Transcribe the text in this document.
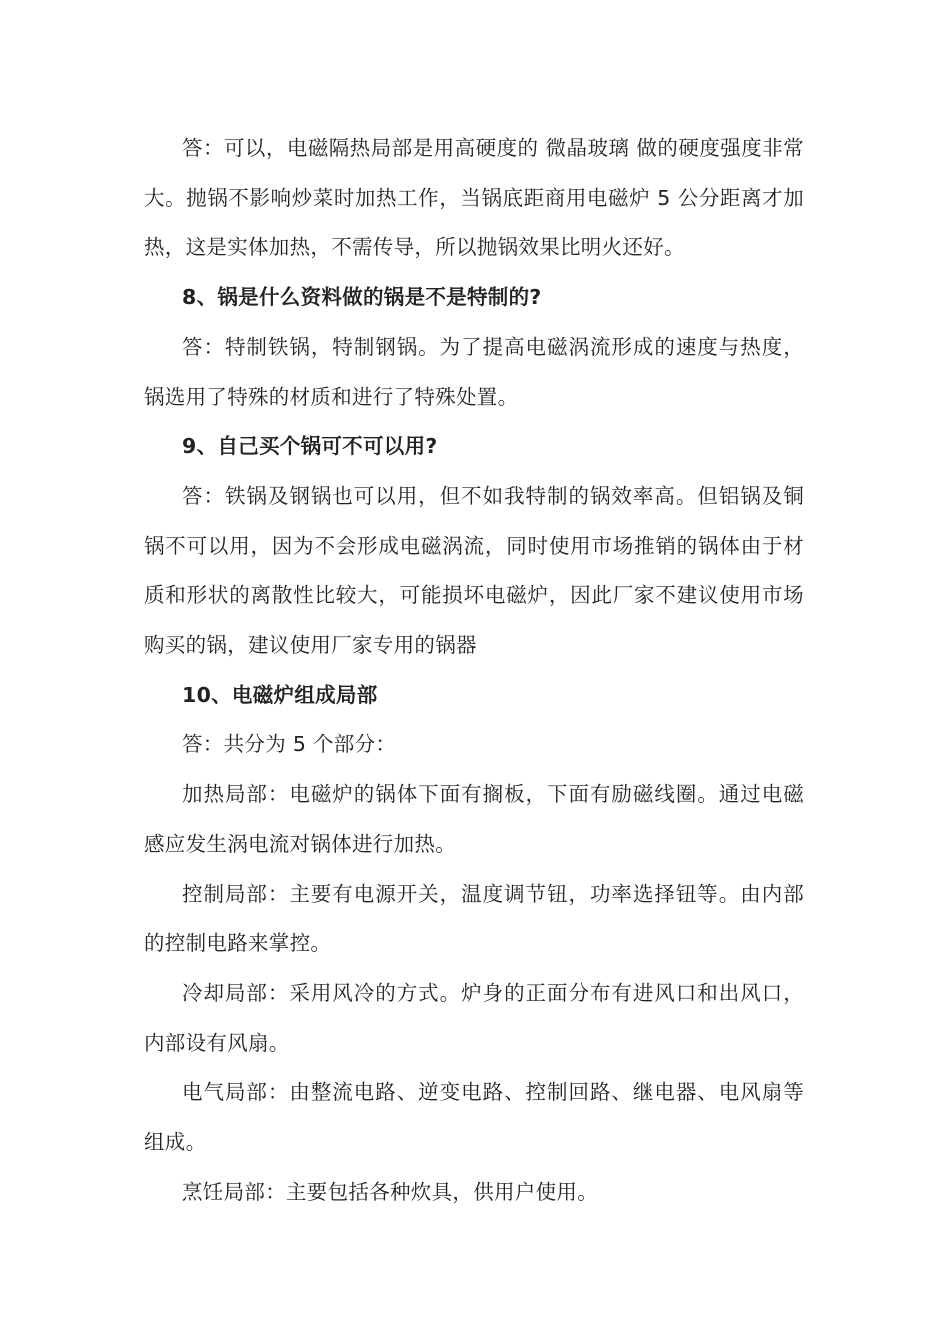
答：可以，电磁隔热局部是用高硬度的 微晶玻璃 做的硬度强度非常大。抛锅不影响炒菜时加热工作，当锅底距商用电磁炉 5 公分距离才加热，这是实体加热，不需传导，所以抛锅效果比明火还好。

8、锅是什么资料做的锅是不是特制的?

答：特制铁锅，特制钢锅。为了提高电磁涡流形成的速度与热度，锅选用了特殊的材质和进行了特殊处置。

9、自己买个锅可不可以用?

答：铁锅及钢锅也可以用，但不如我特制的锅效率高。但铝锅及铜锅不可以用，因为不会形成电磁涡流，同时使用市场推销的锅体由于材质和形状的离散性比较大，可能损坏电磁炉，因此厂家不建议使用市场购买的锅，建议使用厂家专用的锅器

10、电磁炉组成局部

答：共分为 5 个部分：

加热局部：电磁炉的锅体下面有搁板，下面有励磁线圈。通过电磁感应发生涡电流对锅体进行加热。

控制局部：主要有电源开关，温度调节钮，功率选择钮等。由内部的控制电路来掌控。

冷却局部：采用风冷的方式。炉身的正面分布有进风口和出风口，内部设有风扇。

电气局部：由整流电路、逆变电路、控制回路、继电器、电风扇等组成。

烹饪局部：主要包括各种炊具，供用户使用。
